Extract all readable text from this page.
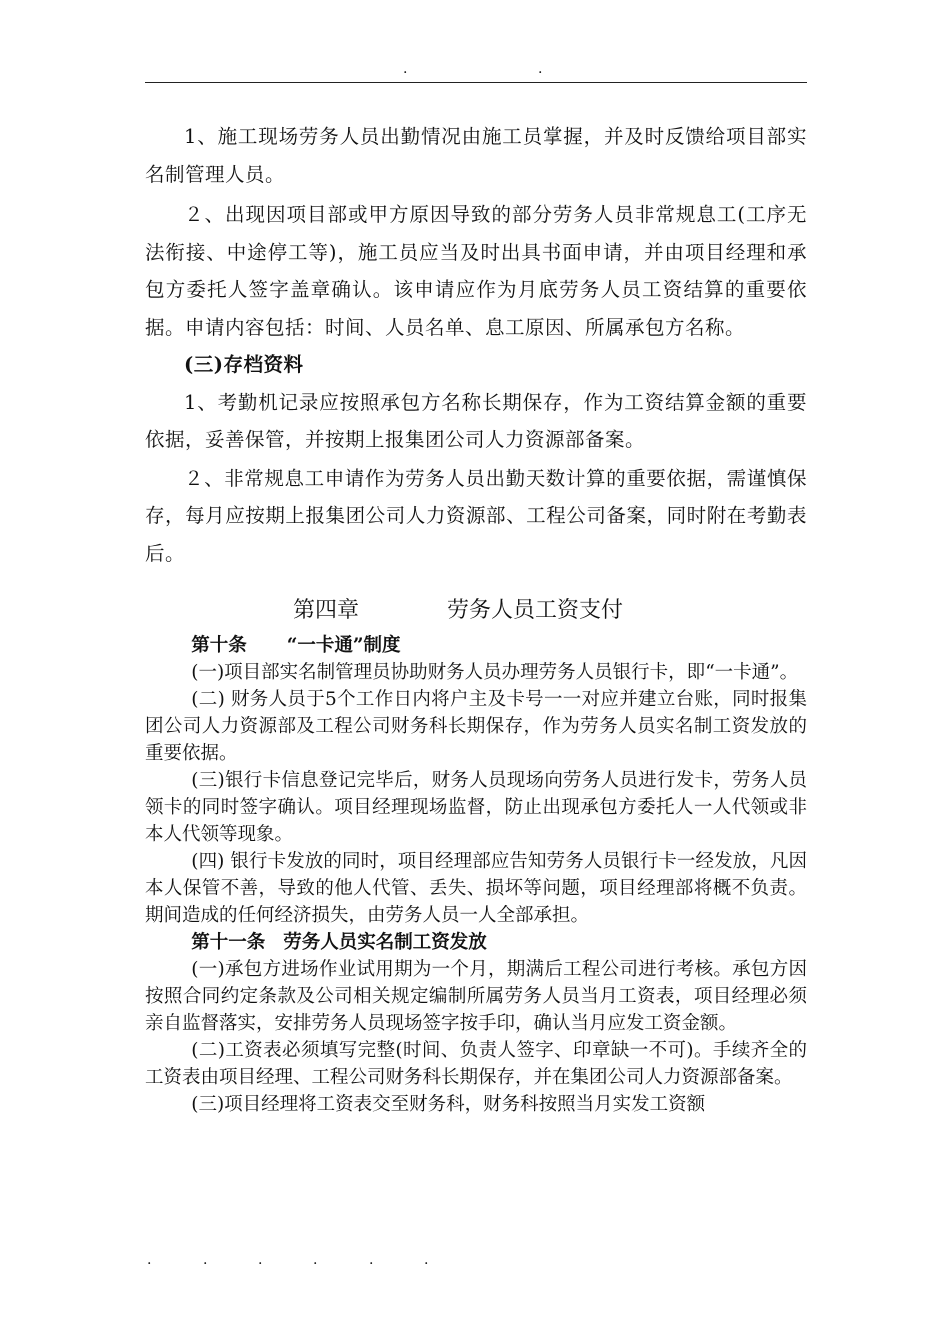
.	.

1、施工现场劳务人员出勤情况由施工员掌握，并及时反馈给项目部实名制管理人员。

２、出现因项目部或甲方原因导致的部分劳务人员非常规息工(工序无法衔接、中途停工等)，施工员应当及时出具书面申请，并由项目经理和承包方委托人签字盖章确认。该申请应作为月底劳务人员工资结算的重要依据。申请内容包括：时间、人员名单、息工原因、所属承包方名称。

(三)存档资料

1、考勤机记录应按照承包方名称长期保存，作为工资结算金额的重要依据，妥善保管，并按期上报集团公司人力资源部备案。

２、非常规息工申请作为劳务人员出勤天数计算的重要依据，需谨慎保存，每月应按期上报集团公司人力资源部、工程公司备案，同时附在考勤表后。

第四章	劳务人员工资支付

第十条 “一卡通”制度

(一)项目部实名制管理员协助财务人员办理劳务人员银行卡，即“一卡通”。

(二) 财务人员于5个工作日内将户主及卡号一一对应并建立台账，同时报集团公司人力资源部及工程公司财务科长期保存，作为劳务人员实名制工资发放的重要依据。

(三)银行卡信息登记完毕后，财务人员现场向劳务人员进行发卡，劳务人员领卡的同时签字确认。项目经理现场监督，防止出现承包方委托人一人代领或非本人代领等现象。

(四) 银行卡发放的同时，项目经理部应告知劳务人员银行卡一经发放，凡因本人保管不善，导致的他人代管、丢失、损坏等问题，项目经理部将概不负责。期间造成的任何经济损失，由劳务人员一人全部承担。

第十一条 劳务人员实名制工资发放

(一)承包方进场作业试用期为一个月，期满后工程公司进行考核。承包方因按照合同约定条款及公司相关规定编制所属劳务人员当月工资表，项目经理必须亲自监督落实，安排劳务人员现场签字按手印，确认当月应发工资金额。

(二)工资表必须填写完整(时间、负责人签字、印章缺一不可)。手续齐全的工资表由项目经理、工程公司财务科长期保存，并在集团公司人力资源部备案。

(三)项目经理将工资表交至财务科，财务科按照当月实发工资额

.	.	.	.	.	.
